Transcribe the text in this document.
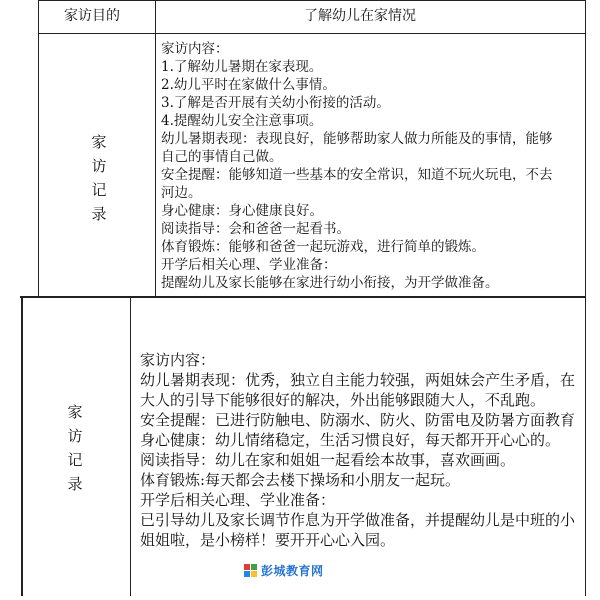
家访目的	了解幼儿在家情况
家
访
记
录
家访内容：
1.了解幼儿暑期在家表现。
2.幼儿平时在家做什么事情。
3.了解是否开展有关幼小衔接的活动。
4.提醒幼儿安全注意事项。
幼儿暑期表现：表现良好，能够帮助家人做力所能及的事情，能够
自己的事情自己做。
安全提醒：能够知道一些基本的安全常识，知道不玩火玩电，不去
河边。
身心健康：身心健康良好。
阅读指导：会和爸爸一起看书。
体育锻炼：能够和爸爸一起玩游戏，进行简单的锻炼。
开学后相关心理、学业准备：
提醒幼儿及家长能够在家进行幼小衔接，为开学做准备。
家
访
记
录
家访内容：
幼儿暑期表现：优秀，独立自主能力较强，两姐妹会产生矛盾，在
大人的引导下能够很好的解决，外出能够跟随大人，不乱跑。
安全提醒：已进行防触电、防溺水、防火、防雷电及防暑方面教育
身心健康：幼儿情绪稳定，生活习惯良好，每天都开开心心的。
阅读指导：幼儿在家和姐姐一起看绘本故事，喜欢画画。
体育锻炼:每天都会去楼下操场和小朋友一起玩。
开学后相关心理、学业准备：
已引导幼儿及家长调节作息为开学做准备，并提醒幼儿是中班的小
姐姐啦，是小榜样！要开开心心入园。
彭城教育网
